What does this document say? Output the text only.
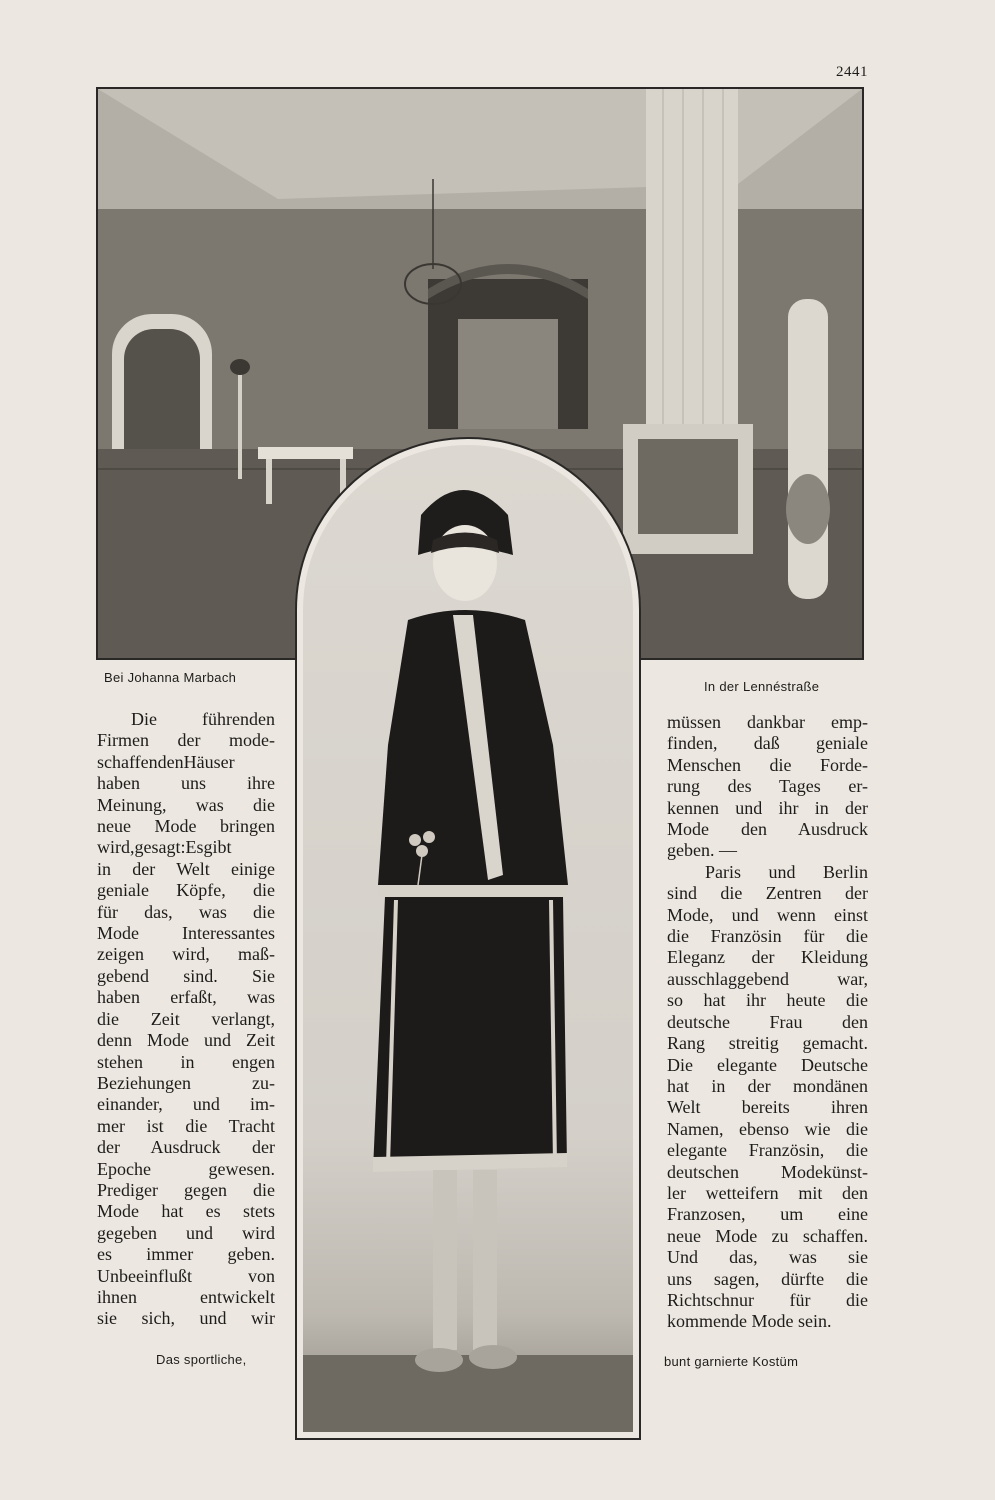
2441
Bei Johanna Marbach
In der Lennéstraße
Das sportliche,	bunt garnierte Kostüm
Die führenden
Firmen der mode-
schaffendenHäuser
haben uns ihre
Meinung, was die
neue Mode bringen
wird,gesagt:Esgibt
in der Welt einige
geniale Köpfe, die
für das, was die
Mode Interessantes
zeigen wird, maß-
gebend sind. Sie
haben erfaßt, was
die Zeit verlangt,
denn Mode und Zeit
stehen in engen
Beziehungen zu-
einander, und im-
mer ist die Tracht
der Ausdruck der
Epoche gewesen.
Prediger gegen die
Mode hat es stets
gegeben und wird
es immer geben.
Unbeeinflußt von
ihnen entwickelt
sie sich, und wir
müssen dankbar emp-
finden, daß geniale
Menschen die Forde-
rung des Tages er-
kennen und ihr in der
Mode den Ausdruck
geben. —
Paris und Berlin
sind die Zentren der
Mode, und wenn einst
die Französin für die
Eleganz der Kleidung
ausschlaggebend war,
so hat ihr heute die
deutsche Frau den
Rang streitig gemacht.
Die elegante Deutsche
hat in der mondänen
Welt bereits ihren
Namen, ebenso wie die
elegante Französin, die
deutschen Modekünst-
ler wetteifern mit den
Franzosen, um eine
neue Mode zu schaffen.
Und das, was sie
uns sagen, dürfte die
Richtschnur für die
kommende Mode sein.
